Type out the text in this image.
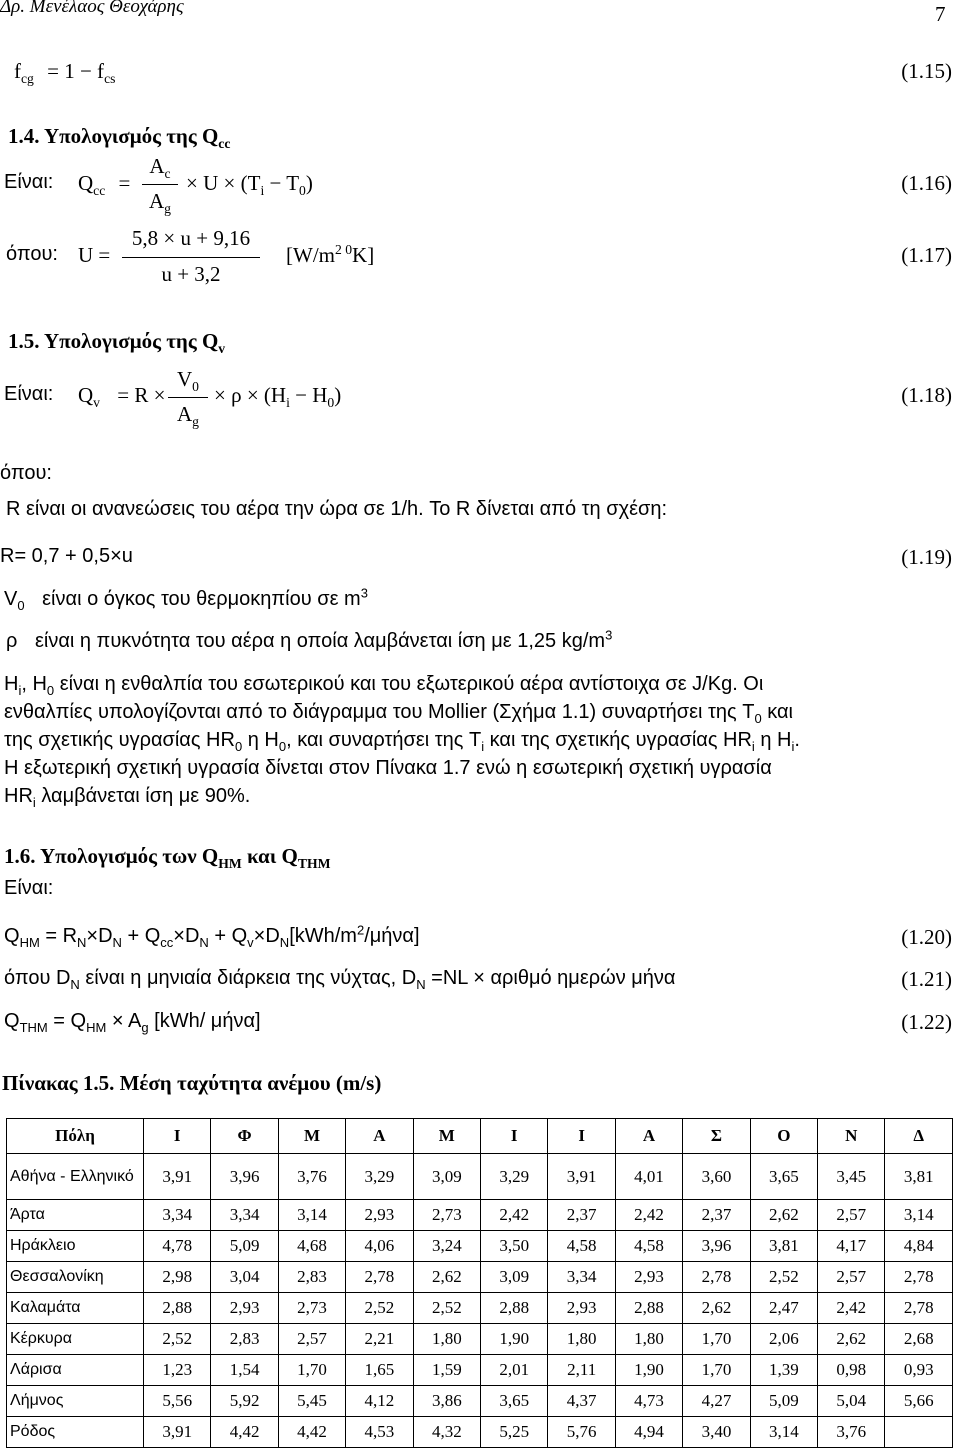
Δρ. Μενέλαος Θεοχάρης	7
$f_{cg} = 1 - f_{cs}$	(1.15)
1.4. Υπολογισμός της $Q_{cc}$
Είναι: $Q_{cc}$ =
$A_c$
$A_g$
× $U \times (T_i - T_0)$	(1.16)
όπου: U =
5,8 × u + 9,16
u + 3,2
$[W/m^{2 0}K]$	(1.17)
1.5. Υπολογισμός της $Q_v$
Είναι: $Q_v = R$ ×
$V_0$
$A_g$
× $\rho \times (H_i - H_0)$	(1.18)
όπου:
R είναι οι ανανεώσεις του αέρα την ώρα σε 1/h. Το R δίνεται από τη σχέση:
R= 0,7 + 0,5×u	(1.19)
$V_0$ είναι ο όγκος του θερμοκηπίου σε $m^3$
ρ είναι η πυκνότητα του αέρα η οποία λαμβάνεται ίση με 1,25 $kg/m^3$
$H_i$, $H_0$ είναι η ενθαλπία του εσωτερικού και του εξωτερικού αέρα αντίστοιχα σε J/Kg. Οι
ενθαλπίες υπολογίζονται από το διάγραμμα του Mollier (Σχήμα 1.1) συναρτήσει της $T_0$ και
της σχετικής υγρασίας $HR_0$ η $H_0$, και συναρτήσει της $T_i$ και της σχετικής υγρασίας $HR_i$ η $H_i$.
Η εξωτερική σχετική υγρασία δίνεται στον Πίνακα 1.7 ενώ η εσωτερική σχετική υγρασία
$HR_i$ λαμβάνεται ίση με 90%.
1.6. Υπολογισμός των $Q_{HM}$ και $Q_{THM}$
Είναι:
$Q_{HM} = R_N\times D_N + Q_{cc}\times D_N + Q_v\times D_N[kWh/m^2/\mu ή\nu\alpha]$	(1.20)
όπου $D_N$ είναι η μηνιαία διάρκεια της νύχτας, $D_N =NL \times \alpha\rho\iota\theta\mu ό$ ημερών μήνα	(1.21)
$Q_{THM} = Q_{HM} \times A_g$ [kWh/ μήνα]	(1.22)
Πίνακας 1.5. Μέση ταχύτητα ανέμου (m/s)
Πόλη	Ι	Φ	Μ	Α	Μ	Ι	Ι	Α	Σ	Ο	Ν	Δ
Αθήνα - Ελληνικό	3,91	3,96	3,76	3,29	3,09	3,29	3,91	4,01	3,60	3,65	3,45	3,81
Άρτα	3,34	3,34	3,14	2,93	2,73	2,42	2,37	2,42	2,37	2,62	2,57	3,14
Ηράκλειο	4,78	5,09	4,68	4,06	3,24	3,50	4,58	4,58	3,96	3,81	4,17	4,84
Θεσσαλονίκη	2,98	3,04	2,83	2,78	2,62	3,09	3,34	2,93	2,78	2,52	2,57	2,78
Καλαμάτα	2,88	2,93	2,73	2,52	2,52	2,88	2,93	2,88	2,62	2,47	2,42	2,78
Κέρκυρα	2,52	2,83	2,57	2,21	1,80	1,90	1,80	1,80	1,70	2,06	2,62	2,68
Λάρισα	1,23	1,54	1,70	1,65	1,59	2,01	2,11	1,90	1,70	1,39	0,98	0,93
Λήμνος	5,56	5,92	5,45	4,12	3,86	3,65	4,37	4,73	4,27	5,09	5,04	5,66
Ρόδος	3,91	4,42	4,42	4,53	4,32	5,25	5,76	4,94	3,40	3,14	3,76	
